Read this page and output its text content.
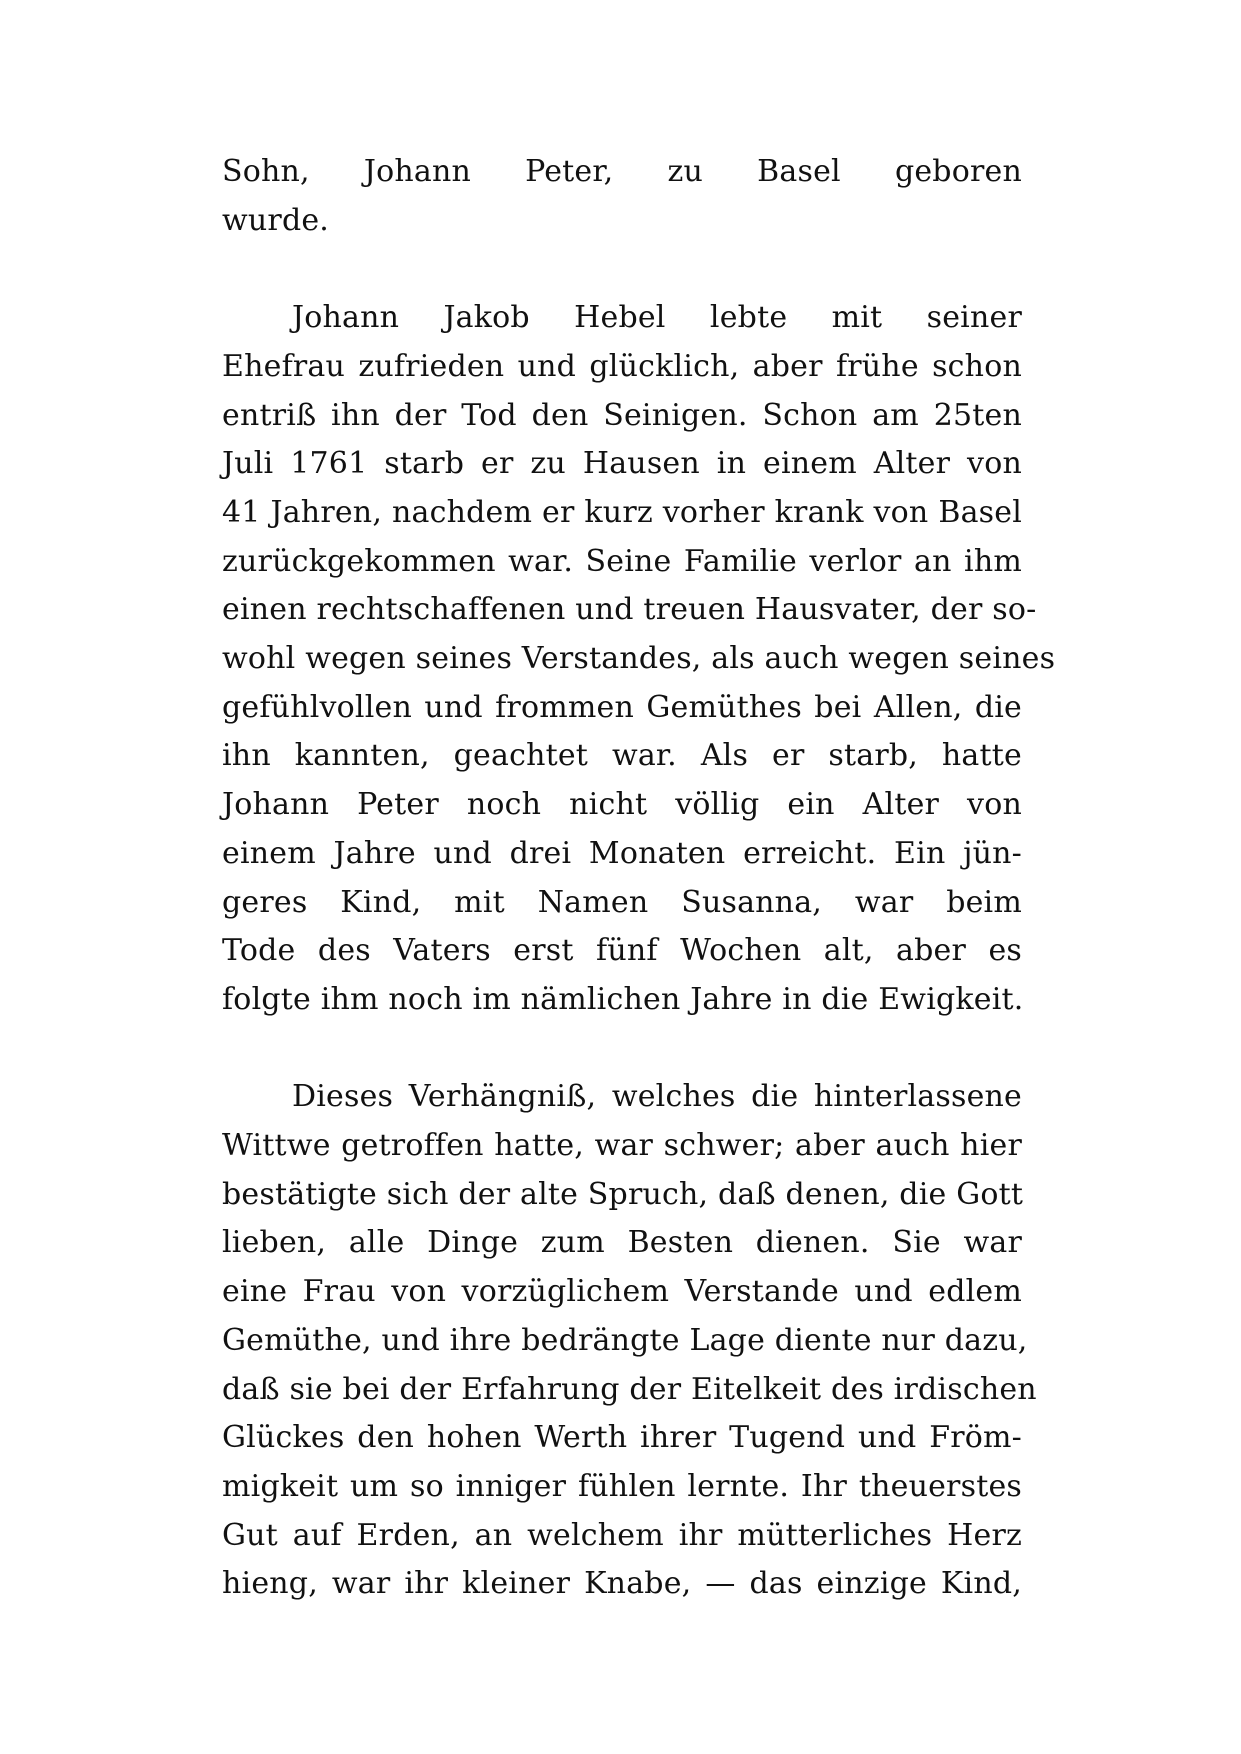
Sohn, Johann Peter, zu Basel geboren
wurde.

Johann Jakob Hebel lebte mit seiner
Ehefrau zufrieden und glücklich, aber frühe schon
entriß ihn der Tod den Seinigen. Schon am 25ten
Juli 1761 starb er zu Hausen in einem Alter von
41 Jahren, nachdem er kurz vorher krank von Basel
zurückgekommen war. Seine Familie verlor an ihm
einen rechtschaffenen und treuen Hausvater, der so-
wohl wegen seines Verstandes, als auch wegen seines
gefühlvollen und frommen Gemüthes bei Allen, die
ihn kannten, geachtet war. Als er starb, hatte
Johann Peter noch nicht völlig ein Alter von
einem Jahre und drei Monaten erreicht. Ein jün-
geres Kind, mit Namen Susanna, war beim
Tode des Vaters erst fünf Wochen alt, aber es
folgte ihm noch im nämlichen Jahre in die Ewigkeit.

Dieses Verhängniß, welches die hinterlassene
Wittwe getroffen hatte, war schwer; aber auch hier
bestätigte sich der alte Spruch, daß denen, die Gott
lieben, alle Dinge zum Besten dienen. Sie war
eine Frau von vorzüglichem Verstande und edlem
Gemüthe, und ihre bedrängte Lage diente nur dazu,
daß sie bei der Erfahrung der Eitelkeit des irdischen
Glückes den hohen Werth ihrer Tugend und Fröm-
migkeit um so inniger fühlen lernte. Ihr theuerstes
Gut auf Erden, an welchem ihr mütterliches Herz
hieng, war ihr kleiner Knabe, — das einzige Kind,
